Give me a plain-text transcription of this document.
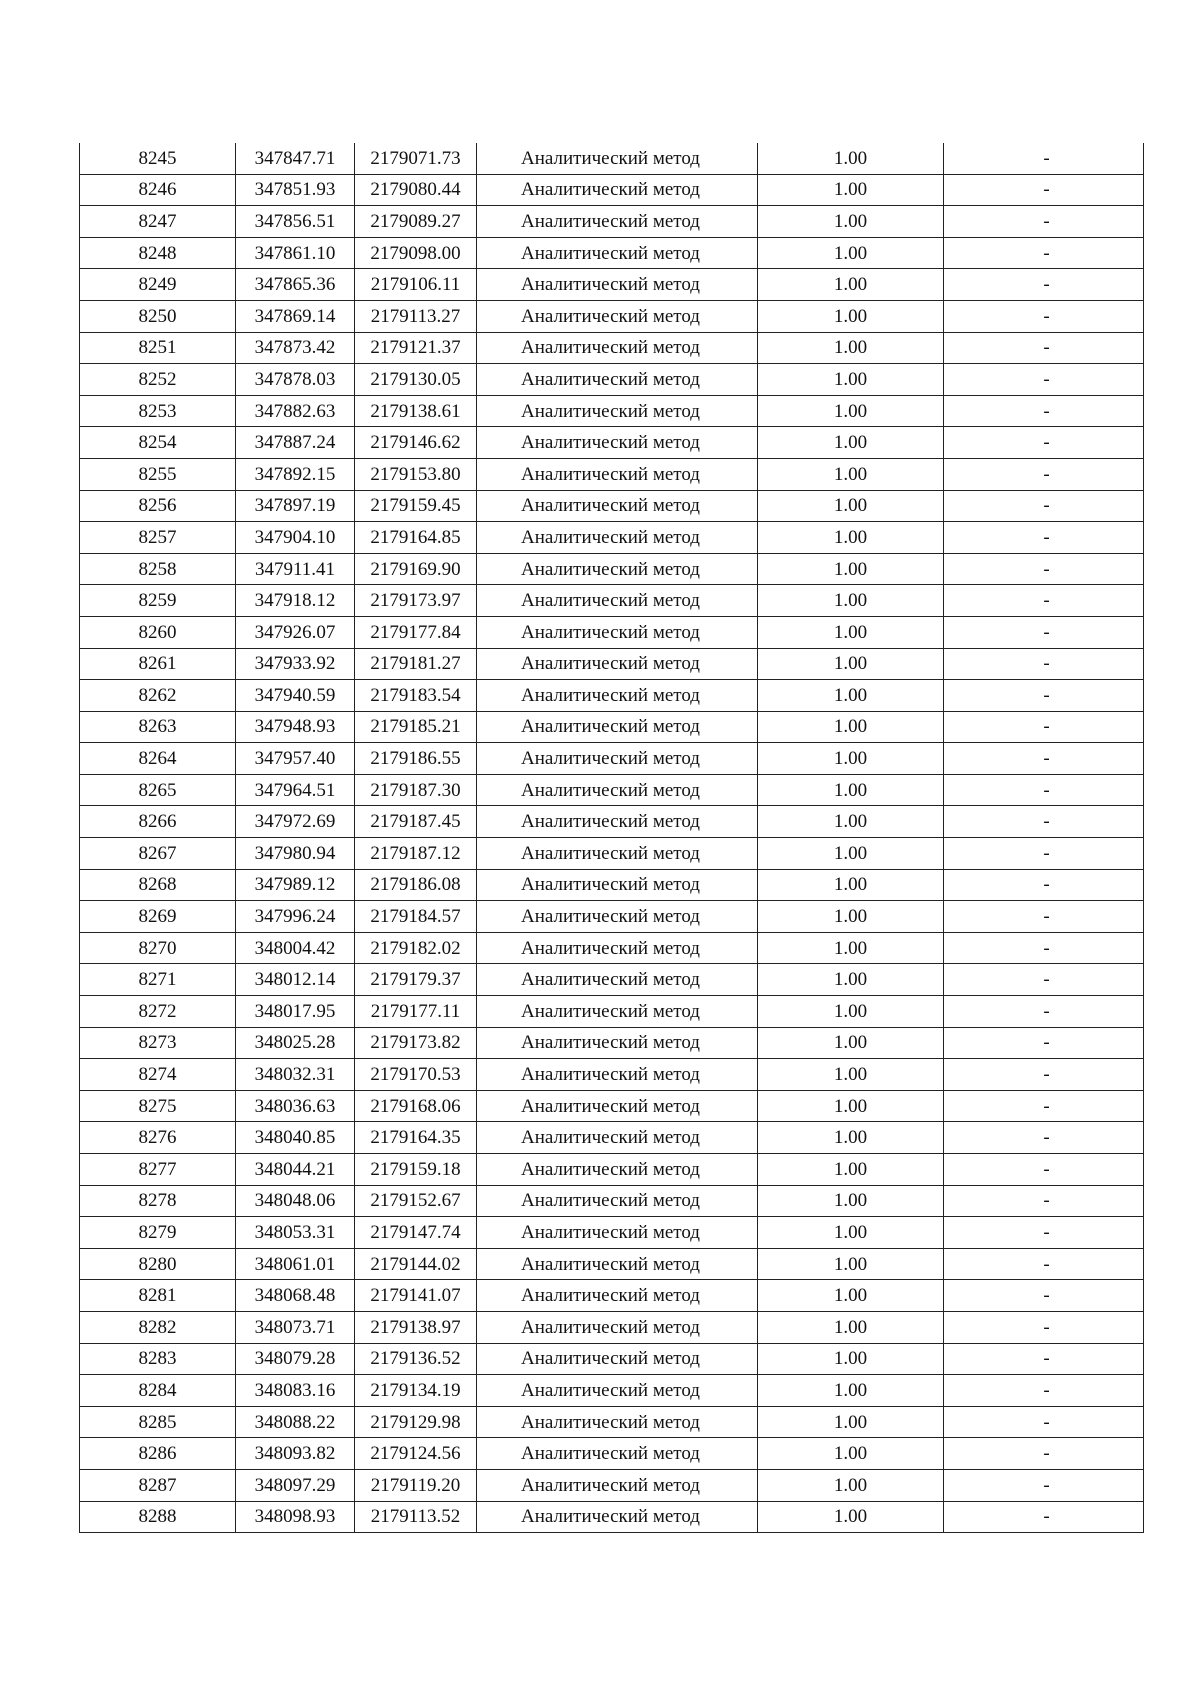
8245	347847.71	2179071.73	Аналитический метод	1.00	-
8246	347851.93	2179080.44	Аналитический метод	1.00	-
8247	347856.51	2179089.27	Аналитический метод	1.00	-
8248	347861.10	2179098.00	Аналитический метод	1.00	-
8249	347865.36	2179106.11	Аналитический метод	1.00	-
8250	347869.14	2179113.27	Аналитический метод	1.00	-
8251	347873.42	2179121.37	Аналитический метод	1.00	-
8252	347878.03	2179130.05	Аналитический метод	1.00	-
8253	347882.63	2179138.61	Аналитический метод	1.00	-
8254	347887.24	2179146.62	Аналитический метод	1.00	-
8255	347892.15	2179153.80	Аналитический метод	1.00	-
8256	347897.19	2179159.45	Аналитический метод	1.00	-
8257	347904.10	2179164.85	Аналитический метод	1.00	-
8258	347911.41	2179169.90	Аналитический метод	1.00	-
8259	347918.12	2179173.97	Аналитический метод	1.00	-
8260	347926.07	2179177.84	Аналитический метод	1.00	-
8261	347933.92	2179181.27	Аналитический метод	1.00	-
8262	347940.59	2179183.54	Аналитический метод	1.00	-
8263	347948.93	2179185.21	Аналитический метод	1.00	-
8264	347957.40	2179186.55	Аналитический метод	1.00	-
8265	347964.51	2179187.30	Аналитический метод	1.00	-
8266	347972.69	2179187.45	Аналитический метод	1.00	-
8267	347980.94	2179187.12	Аналитический метод	1.00	-
8268	347989.12	2179186.08	Аналитический метод	1.00	-
8269	347996.24	2179184.57	Аналитический метод	1.00	-
8270	348004.42	2179182.02	Аналитический метод	1.00	-
8271	348012.14	2179179.37	Аналитический метод	1.00	-
8272	348017.95	2179177.11	Аналитический метод	1.00	-
8273	348025.28	2179173.82	Аналитический метод	1.00	-
8274	348032.31	2179170.53	Аналитический метод	1.00	-
8275	348036.63	2179168.06	Аналитический метод	1.00	-
8276	348040.85	2179164.35	Аналитический метод	1.00	-
8277	348044.21	2179159.18	Аналитический метод	1.00	-
8278	348048.06	2179152.67	Аналитический метод	1.00	-
8279	348053.31	2179147.74	Аналитический метод	1.00	-
8280	348061.01	2179144.02	Аналитический метод	1.00	-
8281	348068.48	2179141.07	Аналитический метод	1.00	-
8282	348073.71	2179138.97	Аналитический метод	1.00	-
8283	348079.28	2179136.52	Аналитический метод	1.00	-
8284	348083.16	2179134.19	Аналитический метод	1.00	-
8285	348088.22	2179129.98	Аналитический метод	1.00	-
8286	348093.82	2179124.56	Аналитический метод	1.00	-
8287	348097.29	2179119.20	Аналитический метод	1.00	-
8288	348098.93	2179113.52	Аналитический метод	1.00	-
